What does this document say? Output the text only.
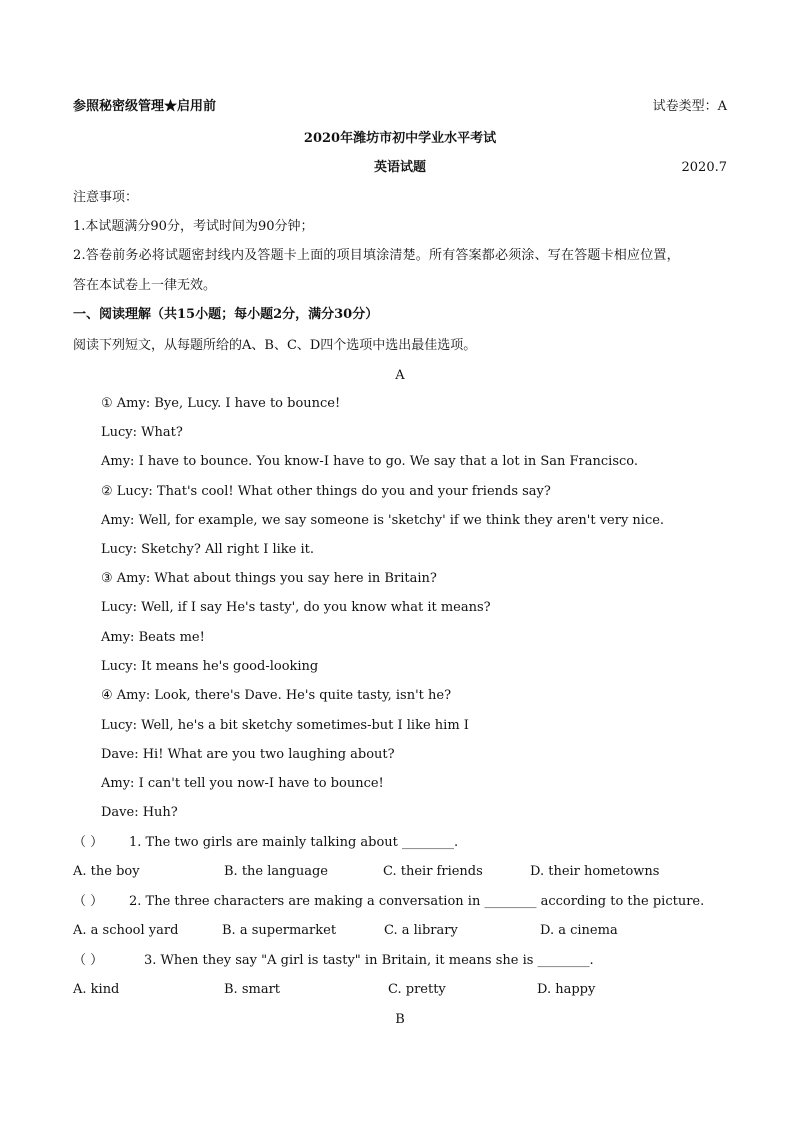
参照秘密级管理★启用前	试卷类型：A
2020年潍坊市初中学业水平考试
英语试题	2020.7
注意事项：
1.本试题满分90分，考试时间为90分钟；
2.答卷前务必将试题密封线内及答题卡上面的项目填涂清楚。所有答案都必须涂、写在答题卡相应位置，
答在本试卷上一律无效。
一、阅读理解（共15小题；每小题2分，满分30分）
阅读下列短文，从每题所给的A、B、C、D四个选项中选出最佳选项。
A
① Amy: Bye, Lucy. I have to bounce!
Lucy: What?
Amy: I have to bounce. You know-I have to go. We say that a lot in San Francisco.
② Lucy: That's cool! What other things do you and your friends say?
Amy: Well, for example, we say someone is 'sketchy' if we think they aren't very nice.
Lucy: Sketchy? All right I like it.
③ Amy: What about things you say here in Britain?
Lucy: Well, if I say He's tasty', do you know what it means?
Amy: Beats me!
Lucy: It means he's good-looking
④ Amy: Look, there's Dave. He's quite tasty, isn't he?
Lucy: Well, he's a bit sketchy sometimes-but I like him I
Dave: Hi! What are you two laughing about?
Amy: I can't tell you now-I have to bounce!
Dave: Huh?
（ ） 1. The two girls are mainly talking about ________.
A. the boy	B. the language	C. their friends	D. their hometowns
（ ） 2. The three characters are making a conversation in ________ according to the picture.
A. a school yard	B. a supermarket	C. a library	D. a cinema
（ ）	3. When they say "A girl is tasty" in Britain, it means she is ________.
A. kind	B. smart	C. pretty	D. happy
B
